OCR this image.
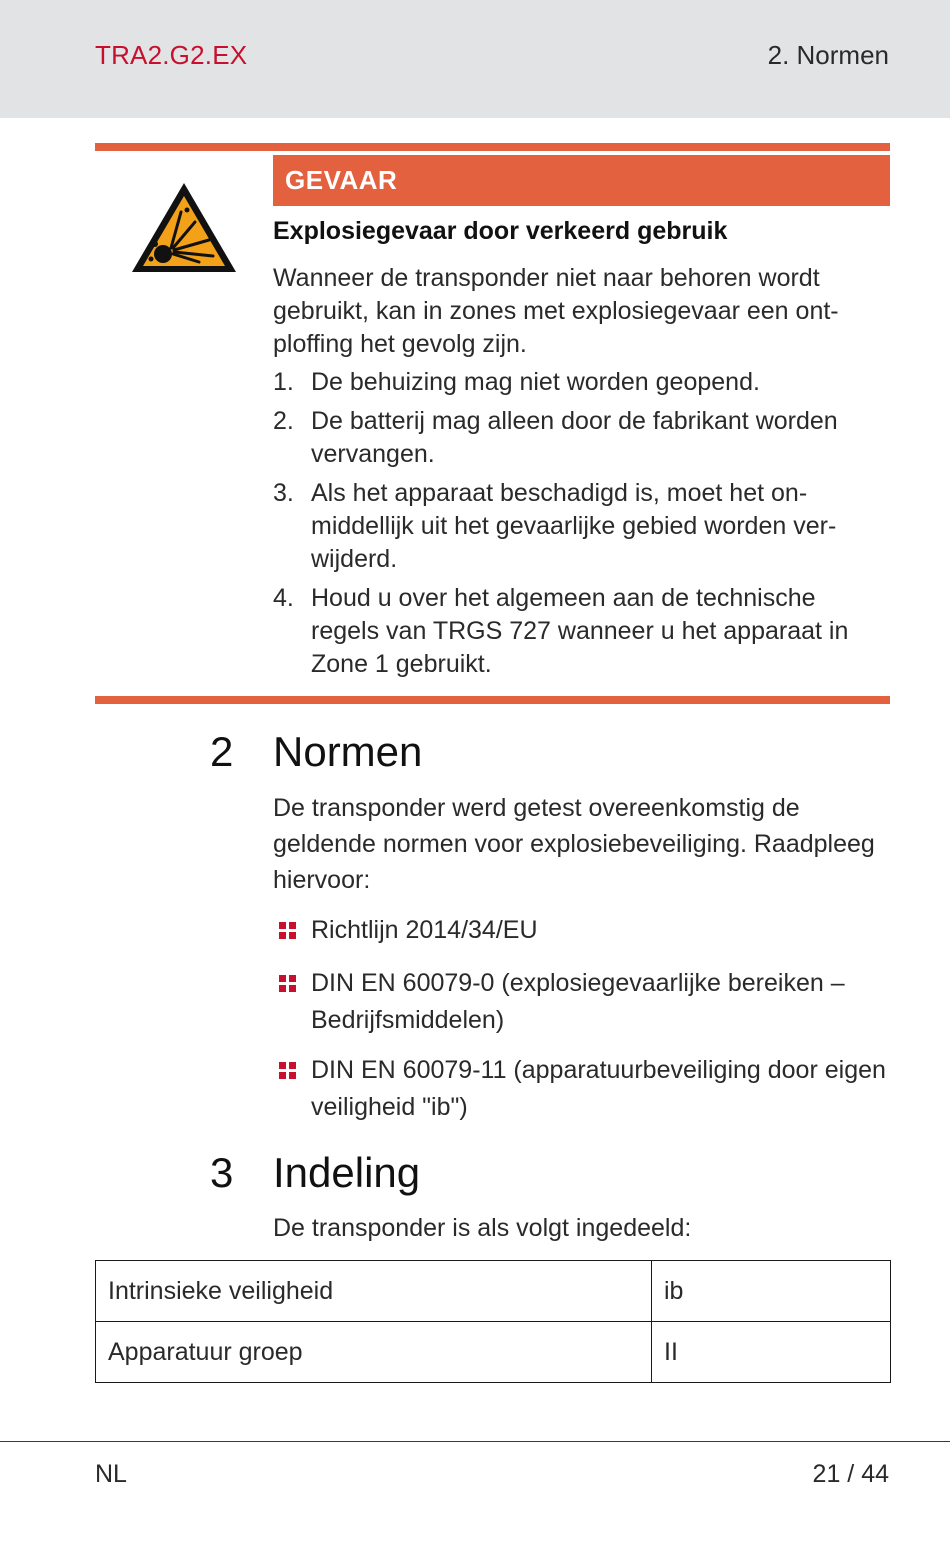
TRA2.G2.EX	2. Normen
GEVAAR
Explosiegevaar door verkeerd gebruik
Wanneer de transponder niet naar behoren wordt gebruikt, kan in zones met explosiegevaar een ont-ploffing het gevolg zijn.
1. De behuizing mag niet worden geopend.
2. De batterij mag alleen door de fabrikant worden vervangen.
3. Als het apparaat beschadigd is, moet het on-middellijk uit het gevaarlijke gebied worden ver-wijderd.
4. Houd u over het algemeen aan de technische regels van TRGS 727 wanneer u het apparaat in Zone 1 gebruikt.
2 Normen
De transponder werd getest overeenkomstig de geldende normen voor explosiebeveiliging. Raadpleeg hiervoor:
Richtlijn 2014/34/EU
DIN EN 60079-0 (explosiegevaarlijke bereiken – Bedrijfsmiddelen)
DIN EN 60079-11 (apparatuurbeveiliging door eigen veiligheid "ib")
3 Indeling
De transponder is als volgt ingedeeld:
Intrinsieke veiligheid	ib
Apparatuur groep	II
NL	21 / 44
